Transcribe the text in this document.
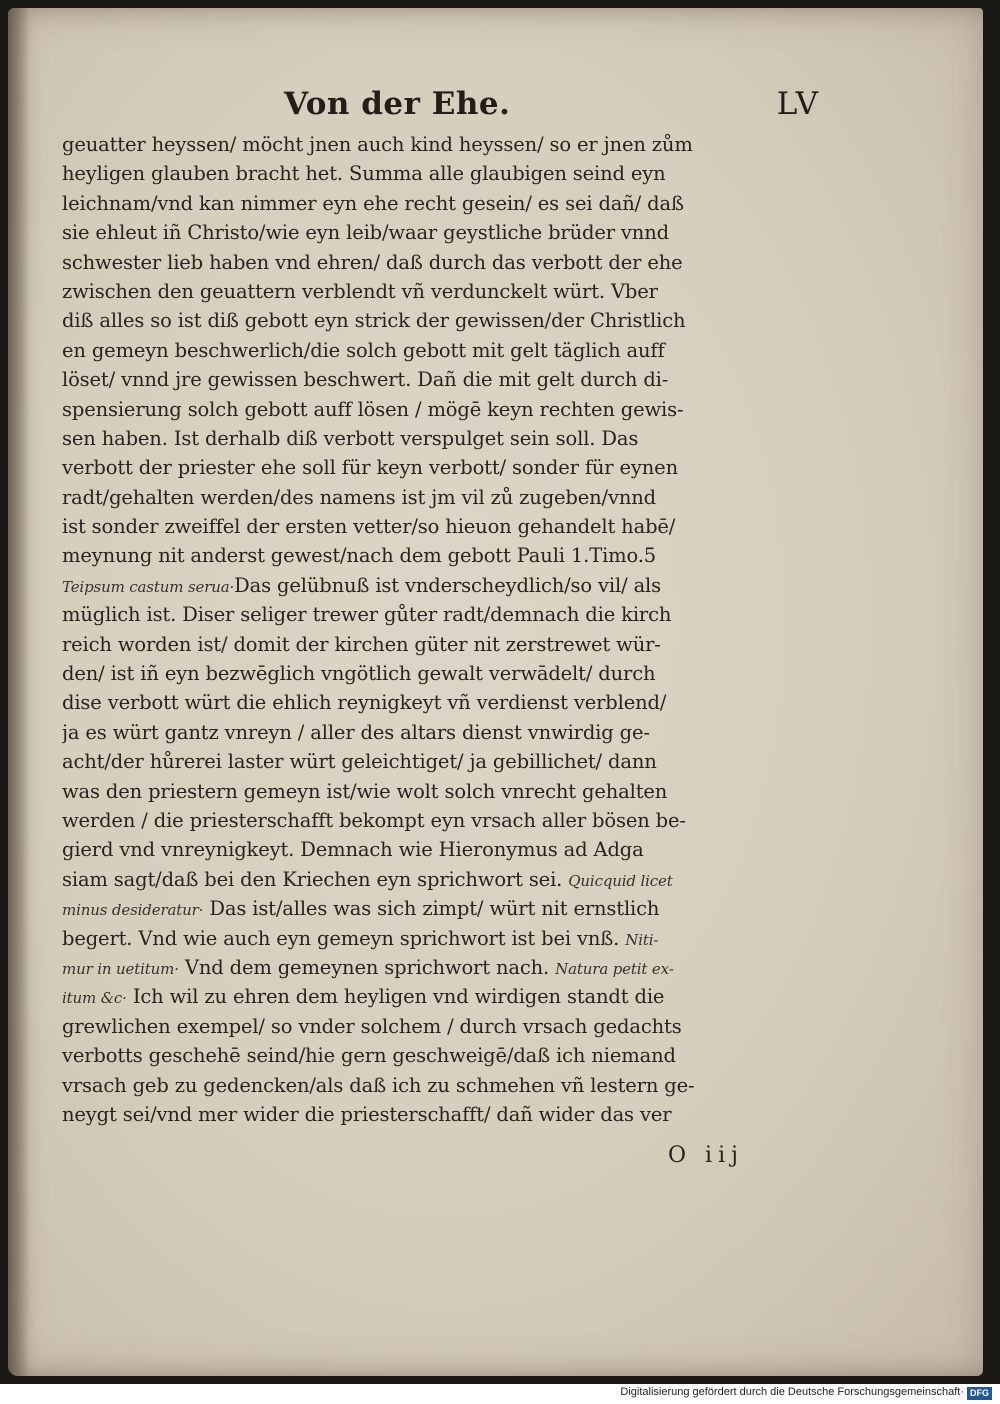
Von der Ehe.	LV
geuatter heyssen/ möcht jnen auch kind heyssen/ so er jnen zům
heyligen glauben bracht het. Summa alle glaubigen seind eyn
leichnam/vnd kan nimmer eyn ehe recht gesein/ es sei dañ/ daß
sie ehleut iñ Christo/wie eyn leib/waar geystliche brüder vnnd
schwester lieb haben vnd ehren/ daß durch das verbott der ehe
zwischen den geuattern verblendt vñ verdunckelt würt. Vber
diß alles so ist diß gebott eyn strick der gewissen/der Christlich
en gemeyn beschwerlich/die solch gebott mit gelt täglich auff
löset/ vnnd jre gewissen beschwert. Dañ die mit gelt durch di-
spensierung solch gebott auff lösen / mögē keyn rechten gewis-
sen haben. Ist derhalb diß verbott verspulget sein soll. Das
verbott der priester ehe soll für keyn verbott/ sonder für eynen
radt/gehalten werden/des namens ist jm vil zů zugeben/vnnd
ist sonder zweiffel der ersten vetter/so hieuon gehandelt habē/
meynung nit anderst gewest/nach dem gebott Pauli 1.Timo.5
Teipsum castum serua·Das gelübnuß ist vnderscheydlich/so vil/ als
müglich ist. Diser seliger trewer gůter radt/demnach die kirch
reich worden ist/ domit der kirchen güter nit zerstrewet wür-
den/ ist iñ eyn bezwēglich vngötlich gewalt verwādelt/ durch
dise verbott würt die ehlich reynigkeyt vñ verdienst verblend/
ja es würt gantz vnreyn / aller des altars dienst vnwirdig ge-
acht/der hůrerei laster würt geleichtiget/ ja gebillichet/ dann
was den priestern gemeyn ist/wie wolt solch vnrecht gehalten
werden / die priesterschafft bekompt eyn vrsach aller bösen be-
gierd vnd vnreynigkeyt. Demnach wie Hieronymus ad Adga
siam sagt/daß bei den Kriechen eyn sprichwort sei. Quicquid licet
minus desideratur· Das ist/alles was sich zimpt/ würt nit ernstlich
begert. Vnd wie auch eyn gemeyn sprichwort ist bei vnß. Niti-
mur in uetitum· Vnd dem gemeynen sprichwort nach. Natura petit ex-
itum &c· Ich wil zu ehren dem heyligen vnd wirdigen standt die
grewlichen exempel/ so vnder solchem / durch vrsach gedachts
verbotts geschehē seind/hie gern geschweigē/daß ich niemand
vrsach geb zu gedencken/als daß ich zu schmehen vñ lestern ge-
neygt sei/vnd mer wider die priesterschafft/ dañ wider das ver
O iij
Digitalisierung gefördert durch die Deutsche Forschungsgemeinschaft· DFG
